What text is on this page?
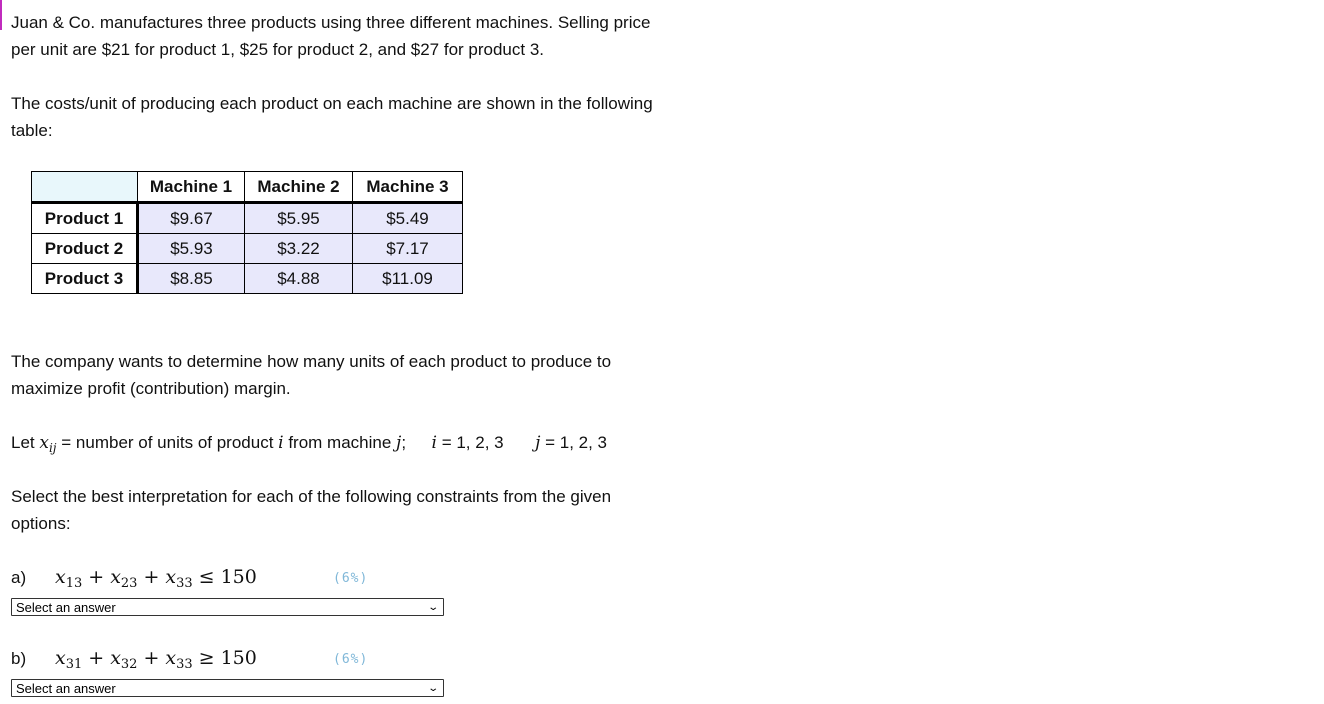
Juan & Co. manufactures three products using three different machines. Selling price
per unit are $21 for product 1, $25 for product 2, and $27 for product 3.

The costs/unit of producing each product on each machine are shown in the following
table:

	Machine 1	Machine 2	Machine 3
Product 1	$9.67	$5.95	$5.49
Product 2	$5.93	$3.22	$7.17
Product 3	$8.85	$4.88	$11.09

The company wants to determine how many units of each product to produce to
maximize profit (contribution) margin.

Let $x_{ij}$ = number of units of product i from machine j; i = 1, 2, 3 j = 1, 2, 3

Select the best interpretation for each of the following constraints from the given
options:

a)	$x_{13} + x_{23} + x_{33} \le 150$	(6%)
Select an answer	⌄
b)	$x_{31} + x_{32} + x_{33} \ge 150$	(6%)
Select an answer	⌄
